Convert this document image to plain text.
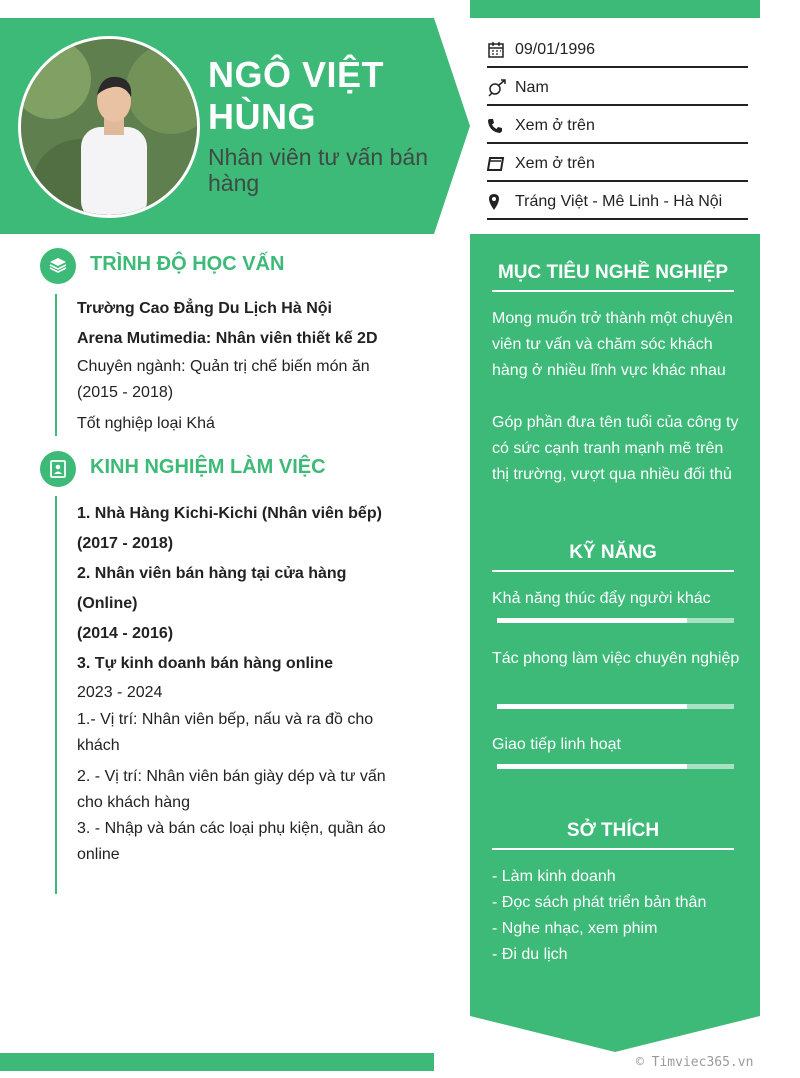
NGÔ VIỆT
HÙNG
Nhân viên tư vấn bán hàng
09/01/1996
Nam
Xem ở trên
Xem ở trên
Tráng Việt - Mê Linh - Hà Nội
MỤC TIÊU NGHỀ NGHIỆP
Mong muốn trở thành một chuyên viên tư vấn và chăm sóc khách hàng ở nhiều lĩnh vực khác nhau
Góp phần đưa tên tuổi của công ty có sức cạnh tranh mạnh mẽ trên thị trường, vượt qua nhiều đối thủ
KỸ NĂNG
Khả năng thúc đẩy người khác
Tác phong làm việc chuyên nghiệp
Giao tiếp linh hoạt
SỞ THÍCH
- Làm kinh doanh
- Đọc sách phát triển bản thân
- Nghe nhạc, xem phim
- Đi du lịch
TRÌNH ĐỘ HỌC VẤN
Trường Cao Đẳng Du Lịch Hà Nội
Arena Mutimedia: Nhân viên thiết kế 2D
Chuyên ngành: Quản trị chế biến món ăn (2015 - 2018)
Tốt nghiệp loại Khá
KINH NGHIỆM LÀM VIỆC
1. Nhà Hàng Kichi-Kichi (Nhân viên bếp)
(2017 - 2018)
2. Nhân viên bán hàng tại cửa hàng (Online)
(2014 - 2016)
3. Tự kinh doanh bán hàng online
2023 - 2024
1.- Vị trí: Nhân viên bếp, nấu và ra đồ cho khách
2. - Vị trí: Nhân viên bán giày dép và tư vấn cho khách hàng
3. - Nhập và bán các loại phụ kiện, quần áo online
© Timviec365.vn
